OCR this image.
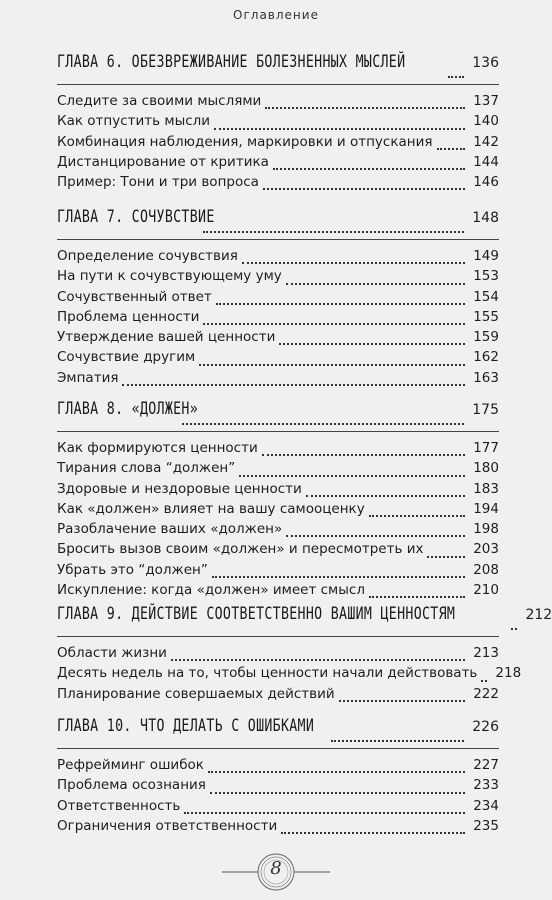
Оглавление
ГЛАВА 6. ОБЕЗВРЕЖИВАНИЕ БОЛЕЗНЕННЫХ МЫСЛЕЙ	136
Следите за своими мыслями	137
Как отпустить мысли	140
Комбинация наблюдения, маркировки и отпускания	142
Дистанцирование от критика	144
Пример: Тони и три вопроса	146
ГЛАВА 7. СОЧУВСТВИЕ	148
Определение сочувствия	149
На пути к сочувствующему уму	153
Сочувственный ответ	154
Проблема ценности	155
Утверждение вашей ценности	159
Сочувствие другим	162
Эмпатия	163
ГЛАВА 8. «ДОЛЖЕН»	175
Как формируются ценности	177
Тирания слова “должен”	180
Здоровые и нездоровые ценности	183
Как «должен» влияет на вашу самооценку	194
Разоблачение ваших «должен»	198
Бросить вызов своим «должен» и пересмотреть их	203
Убрать это “должен”	208
Искупление: когда «должен» имеет смысл	210
ГЛАВА 9. ДЕЙСТВИЕ СООТВЕТСТВЕННО ВАШИМ ЦЕННОСТЯМ	212
Области жизни	213
Десять недель на то, чтобы ценности начали действовать 218
Планирование совершаемых действий	222
ГЛАВА 10. ЧТО ДЕЛАТЬ С ОШИБКАМИ	226
Рефрейминг ошибок	227
Проблема осознания	233
Ответственность	234
Ограничения ответственности	235
8
